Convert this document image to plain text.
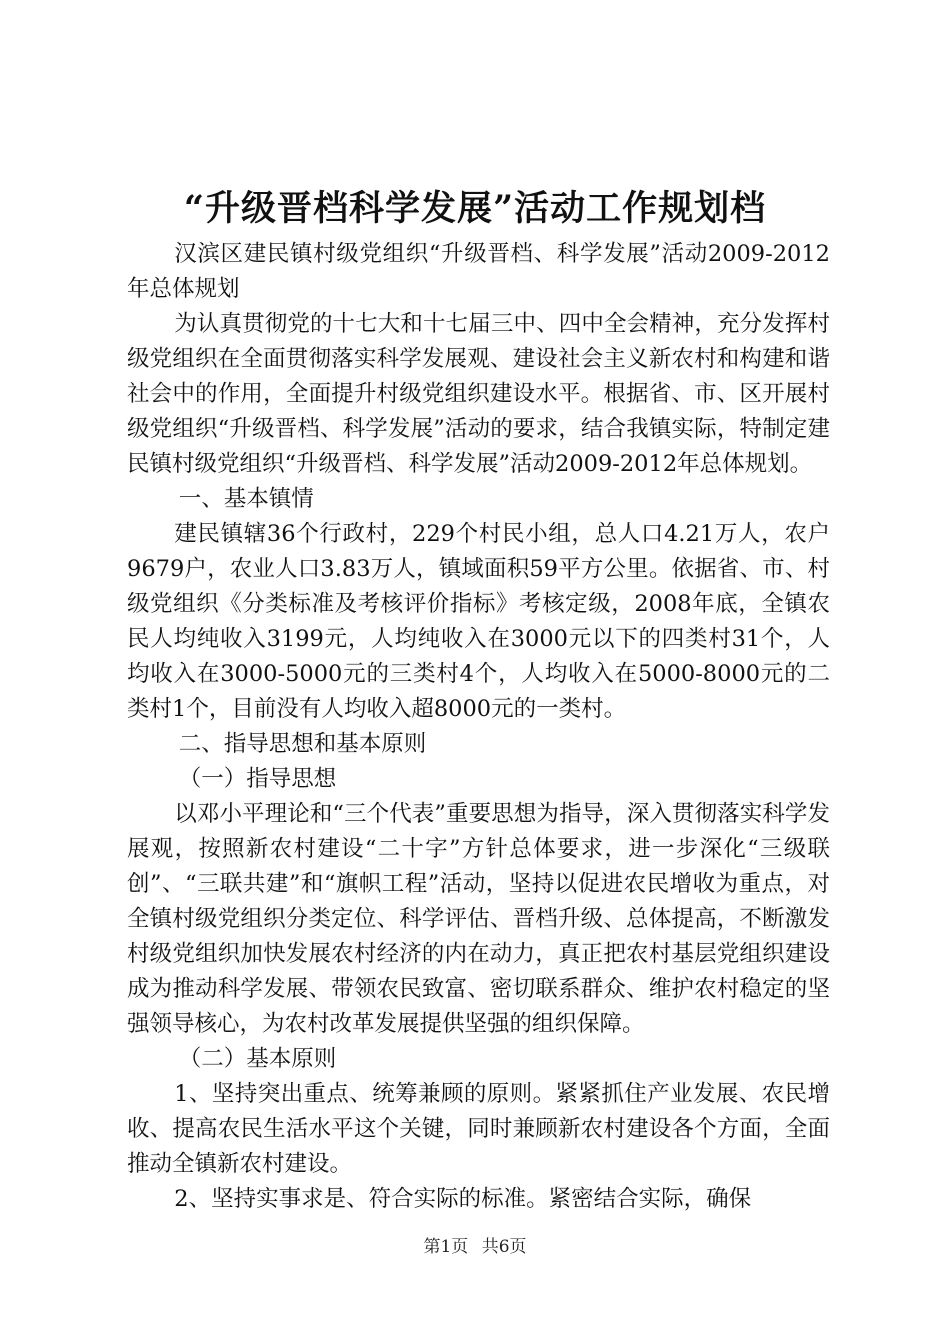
“升级晋档科学发展”活动工作规划档

汉滨区建民镇村级党组织“升级晋档、科学发展”活动2009-2012年总体规划

为认真贯彻党的十七大和十七届三中、四中全会精神，充分发挥村级党组织在全面贯彻落实科学发展观、建设社会主义新农村和构建和谐社会中的作用，全面提升村级党组织建设水平。根据省、市、区开展村级党组织“升级晋档、科学发展”活动的要求，结合我镇实际，特制定建民镇村级党组织“升级晋档、科学发展”活动2009-2012年总体规划。

一、基本镇情

建民镇辖36个行政村，229个村民小组，总人口4.21万人，农户9679户，农业人口3.83万人，镇域面积59平方公里。依据省、市、村级党组织《分类标准及考核评价指标》考核定级，2008年底，全镇农民人均纯收入3199元，人均纯收入在3000元以下的四类村31个，人均收入在3000-5000元的三类村4个，人均收入在5000-8000元的二类村1个，目前没有人均收入超8000元的一类村。

二、指导思想和基本原则

（一）指导思想

以邓小平理论和“三个代表”重要思想为指导，深入贯彻落实科学发展观，按照新农村建设“二十字”方针总体要求，进一步深化“三级联创”、“三联共建”和“旗帜工程”活动，坚持以促进农民增收为重点，对全镇村级党组织分类定位、科学评估、晋档升级、总体提高，不断激发村级党组织加快发展农村经济的内在动力，真正把农村基层党组织建设成为推动科学发展、带领农民致富、密切联系群众、维护农村稳定的坚强领导核心，为农村改革发展提供坚强的组织保障。

（二）基本原则

1、坚持突出重点、统筹兼顾的原则。紧紧抓住产业发展、农民增收、提高农民生活水平这个关键，同时兼顾新农村建设各个方面，全面推动全镇新农村建设。

2、坚持实事求是、符合实际的标准。紧密结合实际，确保

第1页 共6页
